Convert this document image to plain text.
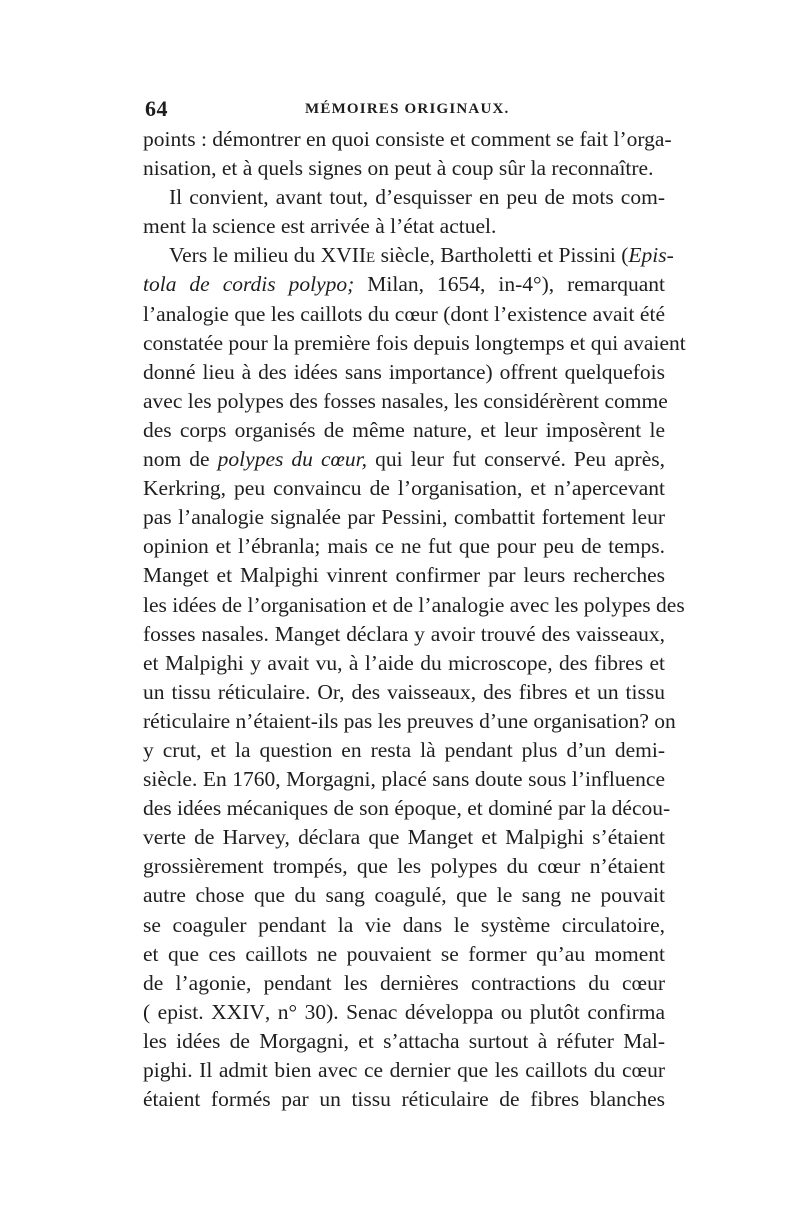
64	MÉMOIRES ORIGINAUX.
points : démontrer en quoi consiste et comment se fait l’orga-
nisation, et à quels signes on peut à coup sûr la reconnaître.
Il convient, avant tout, d’esquisser en peu de mots com-
ment la science est arrivée à l’état actuel.
Vers le milieu du XVIIe siècle, Bartholetti et Pissini (Epis-
tola de cordis polypo; Milan, 1654, in-4°), remarquant
l’analogie que les caillots du cœur (dont l’existence avait été
constatée pour la première fois depuis longtemps et qui avaient
donné lieu à des idées sans importance) offrent quelquefois
avec les polypes des fosses nasales, les considérèrent comme
des corps organisés de même nature, et leur imposèrent le
nom de polypes du cœur, qui leur fut conservé. Peu après,
Kerkring, peu convaincu de l’organisation, et n’apercevant
pas l’analogie signalée par Pessini, combattit fortement leur
opinion et l’ébranla; mais ce ne fut que pour peu de temps.
Manget et Malpighi vinrent confirmer par leurs recherches
les idées de l’organisation et de l’analogie avec les polypes des
fosses nasales. Manget déclara y avoir trouvé des vaisseaux,
et Malpighi y avait vu, à l’aide du microscope, des fibres et
un tissu réticulaire. Or, des vaisseaux, des fibres et un tissu
réticulaire n’étaient-ils pas les preuves d’une organisation? on
y crut, et la question en resta là pendant plus d’un demi-
siècle. En 1760, Morgagni, placé sans doute sous l’influence
des idées mécaniques de son époque, et dominé par la décou-
verte de Harvey, déclara que Manget et Malpighi s’étaient
grossièrement trompés, que les polypes du cœur n’étaient
autre chose que du sang coagulé, que le sang ne pouvait
se coaguler pendant la vie dans le système circulatoire,
et que ces caillots ne pouvaient se former qu’au moment
de l’agonie, pendant les dernières contractions du cœur
( epist. XXIV, n° 30). Senac développa ou plutôt confirma
les idées de Morgagni, et s’attacha surtout à réfuter Mal-
pighi. Il admit bien avec ce dernier que les caillots du cœur
étaient formés par un tissu réticulaire de fibres blanches
